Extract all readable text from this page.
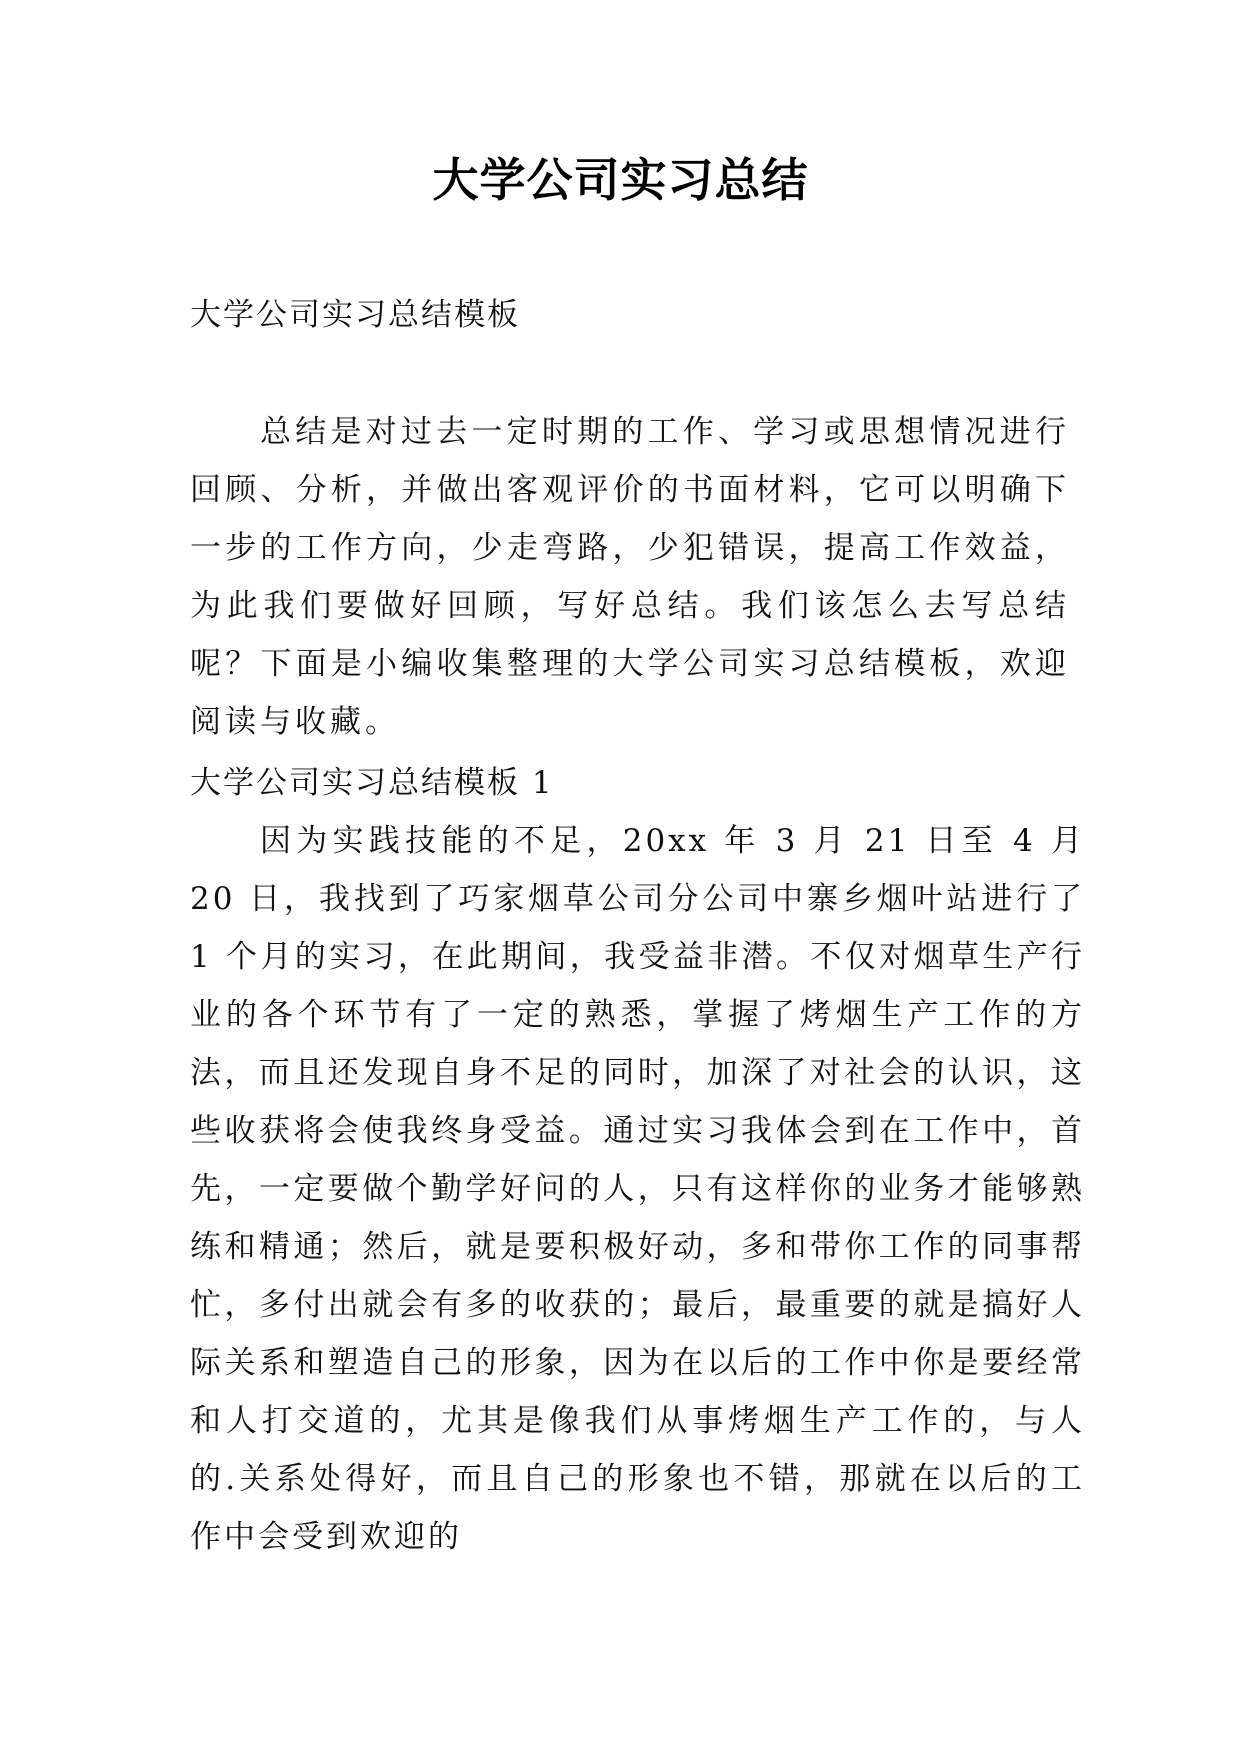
大学公司实习总结
大学公司实习总结模板
总结是对过去一定时期的工作、学习或思想情况进行回顾、分析，并做出客观评价的书面材料，它可以明确下一步的工作方向，少走弯路，少犯错误，提高工作效益，为此我们要做好回顾，写好总结。我们该怎么去写总结呢？下面是小编收集整理的大学公司实习总结模板，欢迎阅读与收藏。
大学公司实习总结模板 1
因为实践技能的不足，20xx 年 3 月 21 日至 4 月 20 日，我找到了巧家烟草公司分公司中寨乡烟叶站进行了 1 个月的实习，在此期间，我受益非潜。不仅对烟草生产行业的各个环节有了一定的熟悉，掌握了烤烟生产工作的方法，而且还发现自身不足的同时，加深了对社会的认识，这些收获将会使我终身受益。通过实习我体会到在工作中，首先，一定要做个勤学好问的人，只有这样你的业务才能够熟练和精通；然后，就是要积极好动，多和带你工作的同事帮忙，多付出就会有多的收获的；最后，最重要的就是搞好人际关系和塑造自己的形象，因为在以后的工作中你是要经常和人打交道的，尤其是像我们从事烤烟生产工作的，与人的.关系处得好，而且自己的形象也不错，那就在以后的工作中会受到欢迎的
